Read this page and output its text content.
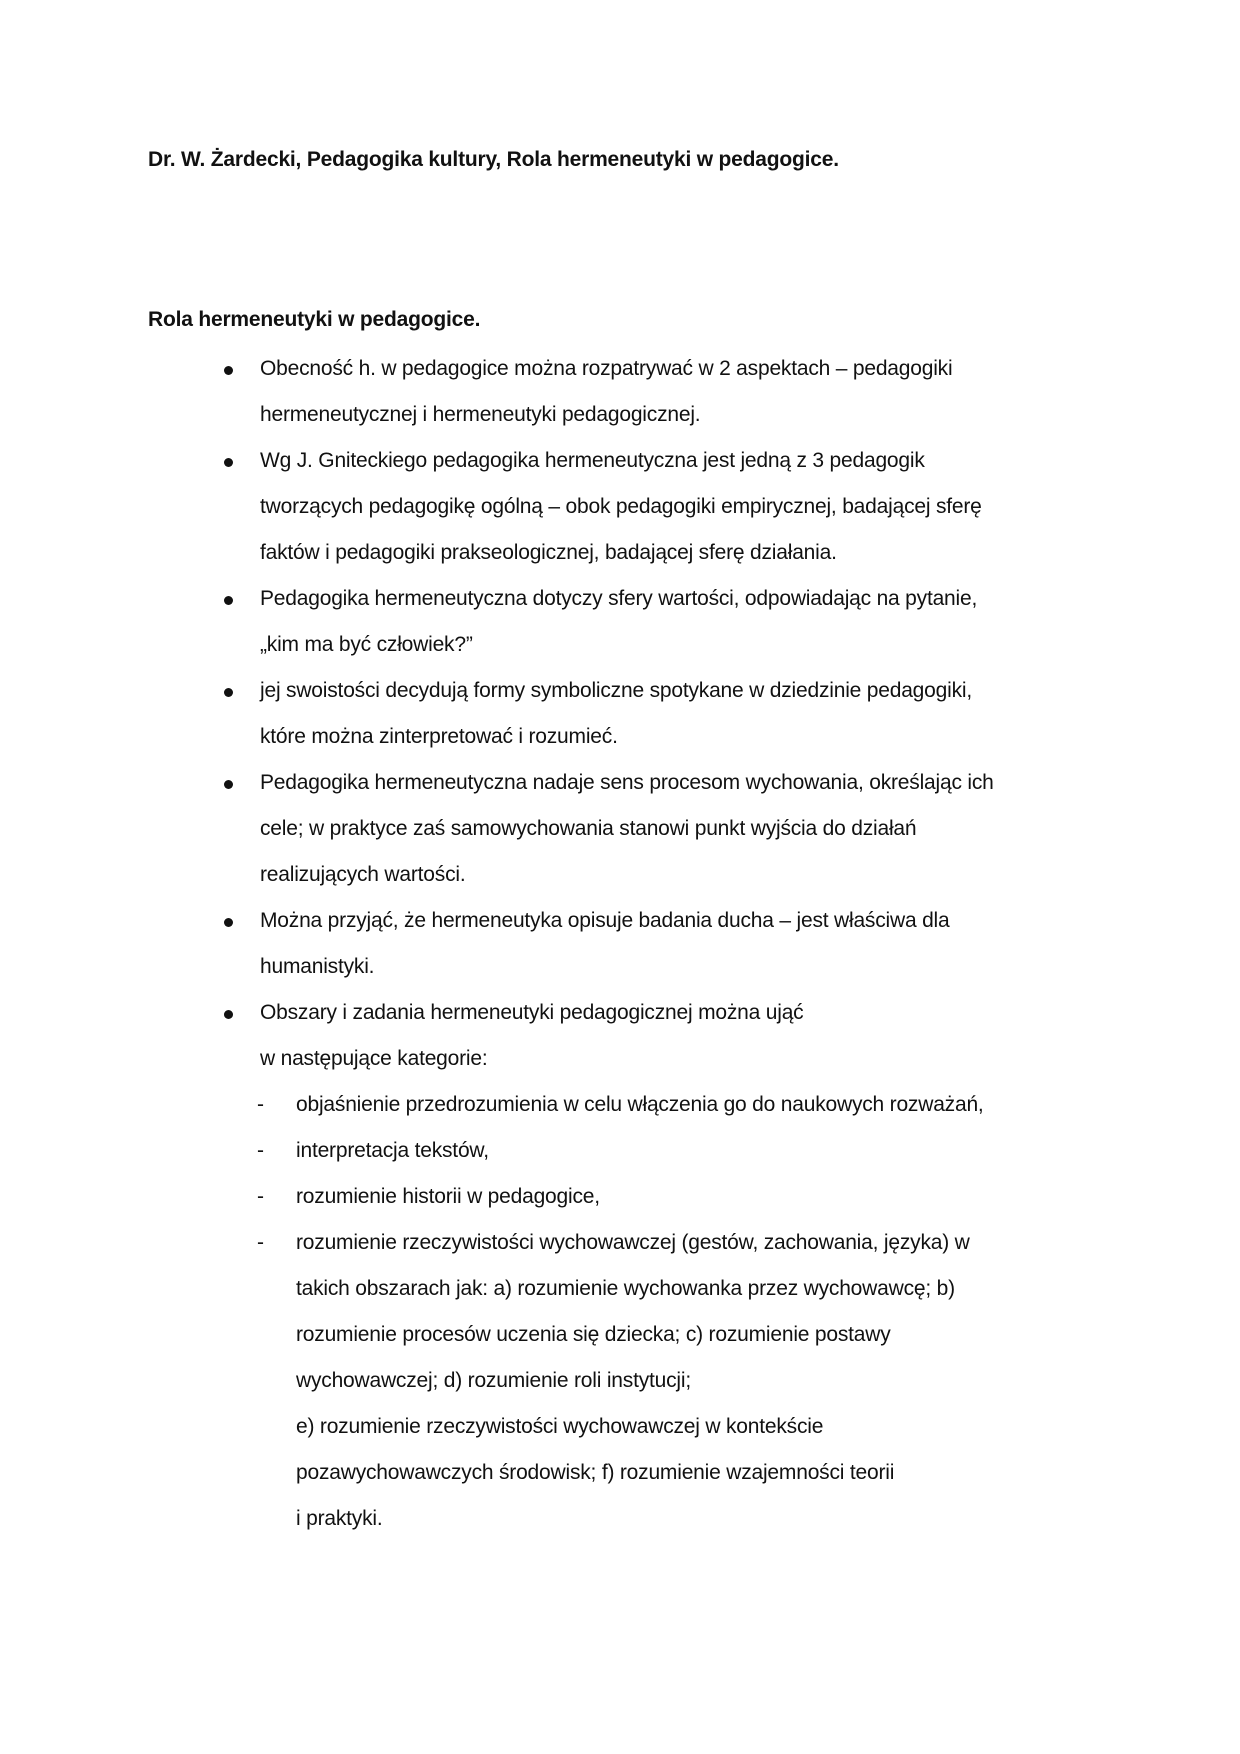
Dr. W. Żardecki, Pedagogika kultury, Rola hermeneutyki w pedagogice.
Rola hermeneutyki w pedagogice.
Obecność h. w pedagogice można rozpatrywać w 2 aspektach – pedagogiki
hermeneutycznej i hermeneutyki pedagogicznej.
Wg J. Gniteckiego pedagogika hermeneutyczna jest jedną z 3 pedagogik
tworzących pedagogikę ogólną – obok pedagogiki empirycznej, badającej sferę
faktów i pedagogiki prakseologicznej, badającej sferę działania.
Pedagogika hermeneutyczna dotyczy sfery wartości, odpowiadając na pytanie,
„kim ma być człowiek?”
jej swoistości decydują formy symboliczne spotykane w dziedzinie pedagogiki,
które można zinterpretować i rozumieć.
Pedagogika hermeneutyczna nadaje sens procesom wychowania, określając ich
cele; w praktyce zaś samowychowania stanowi punkt wyjścia do działań
realizujących wartości.
Można przyjąć, że hermeneutyka opisuje badania ducha – jest właściwa dla
humanistyki.
Obszary i zadania hermeneutyki pedagogicznej można ująć
w następujące kategorie:
- objaśnienie przedrozumienia w celu włączenia go do naukowych rozważań,
- interpretacja tekstów,
- rozumienie historii w pedagogice,
- rozumienie rzeczywistości wychowawczej (gestów, zachowania, języka) w
takich obszarach jak: a) rozumienie wychowanka przez wychowawcę; b)
rozumienie procesów uczenia się dziecka; c) rozumienie postawy
wychowawczej; d) rozumienie roli instytucji;
e) rozumienie rzeczywistości wychowawczej w kontekście
pozawychowawczych środowisk; f) rozumienie wzajemności teorii
i praktyki.
